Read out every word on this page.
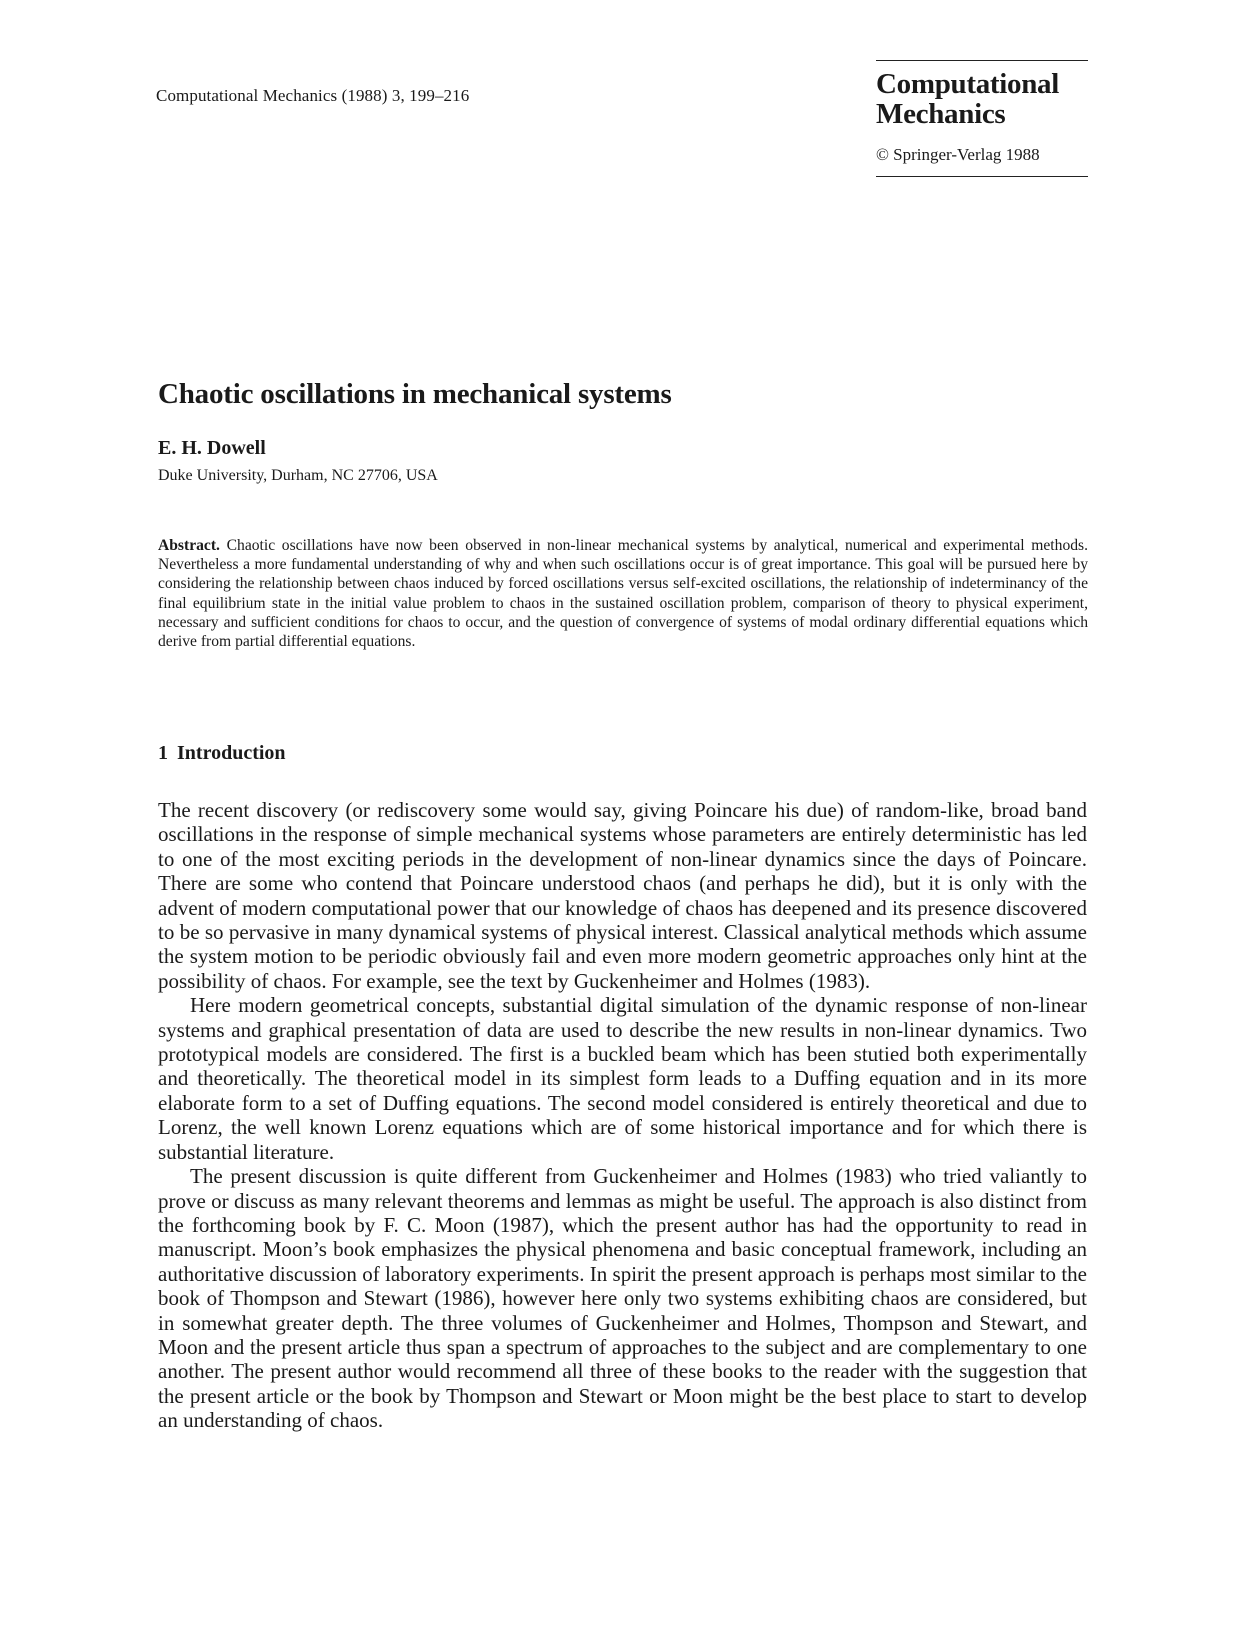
Computational Mechanics (1988) 3, 199–216	Computational
Mechanics
© Springer-Verlag 1988
Chaotic oscillations in mechanical systems
E. H. Dowell
Duke University, Durham, NC 27706, USA
Abstract. Chaotic oscillations have now been observed in non-linear mechanical systems by analytical, numerical and experimental methods. Nevertheless a more fundamental understanding of why and when such oscillations occur is of great importance. This goal will be pursued here by considering the relationship between chaos induced by forced oscillations versus self-excited oscillations, the relationship of indeterminancy of the final equilibrium state in the initial value problem to chaos in the sustained oscillation problem, comparison of theory to physical experiment, necessary and sufficient conditions for chaos to occur, and the question of convergence of systems of modal ordinary differential equations which derive from partial differential equations.
1 Introduction

The recent discovery (or rediscovery some would say, giving Poincare his due) of random-like, broad band oscillations in the response of simple mechanical systems whose parameters are entirely deterministic has led to one of the most exciting periods in the development of non-linear dynamics since the days of Poincare. There are some who contend that Poincare understood chaos (and perhaps he did), but it is only with the advent of modern computational power that our knowledge of chaos has deepened and its presence discovered to be so pervasive in many dynamical systems of physical interest. Classical analytical methods which assume the system motion to be periodic obviously fail and even more modern geometric approaches only hint at the possibility of chaos. For example, see the text by Guckenheimer and Holmes (1983).

Here modern geometrical concepts, substantial digital simulation of the dynamic response of non-linear systems and graphical presentation of data are used to describe the new results in non-linear dynamics. Two prototypical models are considered. The first is a buckled beam which has been stutied both experimentally and theoretically. The theoretical model in its simplest form leads to a Duffing equation and in its more elaborate form to a set of Duffing equations. The second model considered is entirely theoretical and due to Lorenz, the well known Lorenz equations which are of some historical importance and for which there is substantial literature.

The present discussion is quite different from Guckenheimer and Holmes (1983) who tried valiantly to prove or discuss as many relevant theorems and lemmas as might be useful. The approach is also distinct from the forthcoming book by F. C. Moon (1987), which the present author has had the opportunity to read in manuscript. Moon’s book emphasizes the physical phenomena and basic conceptual framework, including an authoritative discussion of laboratory experiments. In spirit the present approach is perhaps most similar to the book of Thompson and Stewart (1986), however here only two systems exhibiting chaos are considered, but in somewhat greater depth. The three volumes of Guckenheimer and Holmes, Thompson and Stewart, and Moon and the present article thus span a spectrum of approaches to the subject and are complementary to one another. The present author would recommend all three of these books to the reader with the suggestion that the present article or the book by Thompson and Stewart or Moon might be the best place to start to develop an understanding of chaos.
